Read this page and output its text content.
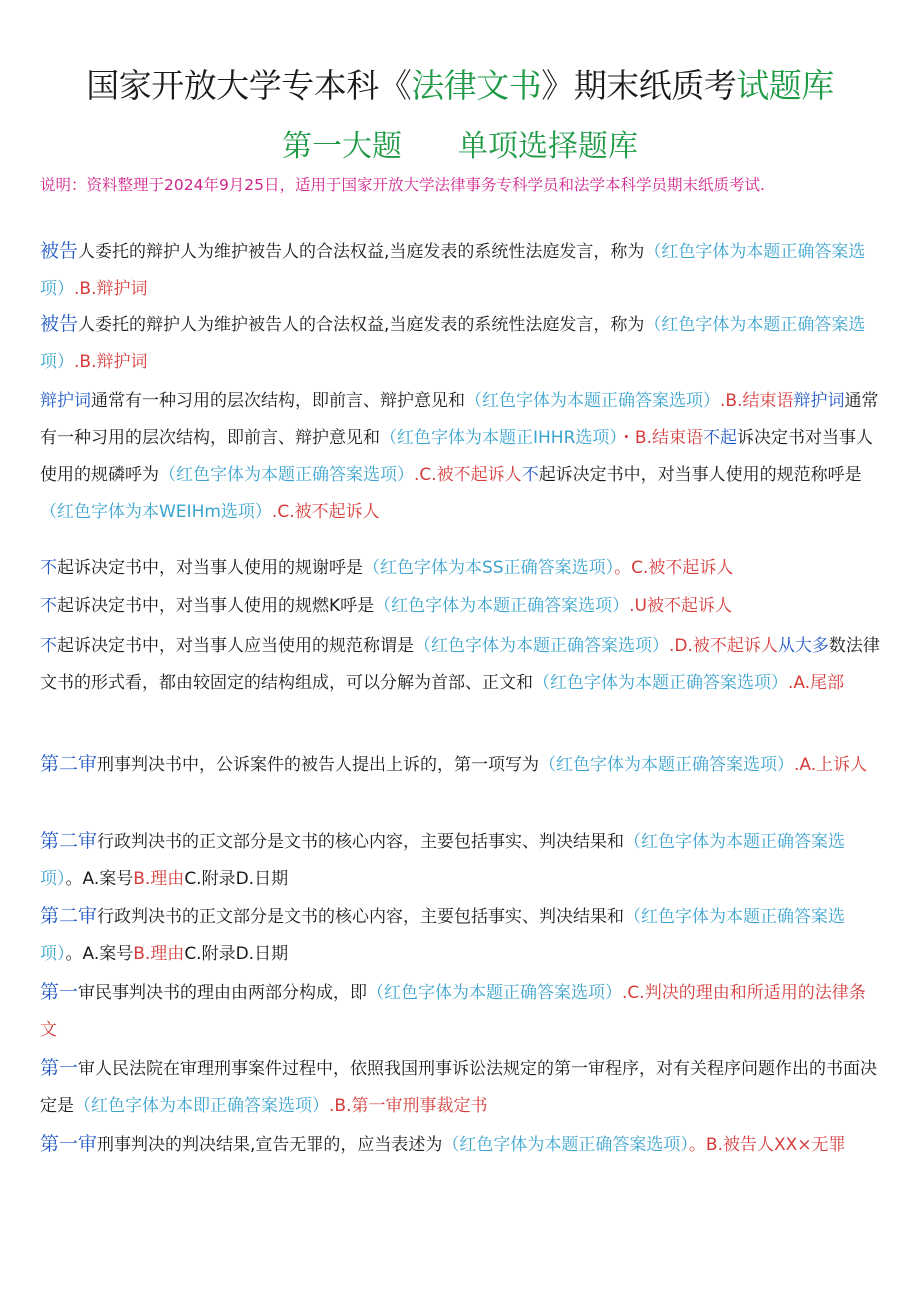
国家开放大学专本科《法律文书》期末纸质考试题库
第一大题 单项选择题库
说明：资料整理于2024年9月25日，适用于国家开放大学法律事务专科学员和法学本科学员期末纸质考试.
被告人委托的辩护人为维护被告人的合法权益,当庭发表的系统性法庭发言，称为（红色字体为本题正确答案选项）.B.辩护词
被告人委托的辩护人为维护被告人的合法权益,当庭发表的系统性法庭发言，称为（红色字体为本题正确答案选项）.B.辩护词
辩护词通常有一种习用的层次结构，即前言、辩护意见和（红色字体为本题正确答案选项）.B.结束语辩护词通常有一种习用的层次结构，即前言、辩护意见和（红色字体为本题正IHHR选项）・B.结束语不起诉决定书对当事人使用的规磷呼为（红色字体为本题正确答案选项）.C.被不起诉人不起诉决定书中，对当事人使用的规范称呼是（红色字体为本WEIHm选项）.C.被不起诉人
不起诉决定书中，对当事人使用的规谢呼是（红色字体为本SS正确答案选项）。C.被不起诉人
不起诉决定书中，对当事人使用的规燃K呼是（红色字体为本题正确答案选项）.U被不起诉人
不起诉决定书中，对当事人应当使用的规范称谓是（红色字体为本题正确答案选项）.D.被不起诉人从大多数法律文书的形式看，都由较固定的结构组成，可以分解为首部、正文和（红色字体为本题正确答案选项）.A.尾部
第二审刑事判决书中，公诉案件的被告人提出上诉的，第一项写为（红色字体为本题正确答案选项）.A.上诉人
第二审行政判决书的正文部分是文书的核心内容，主要包括事实、判决结果和（红色字体为本题正确答案选项）。A.案号B.理由C.附录D.日期
第二审行政判决书的正文部分是文书的核心内容，主要包括事实、判决结果和（红色字体为本题正确答案选项）。A.案号B.理由C.附录D.日期
第一审民事判决书的理由由两部分构成，即（红色字体为本题正确答案选项）.C.判决的理由和所适用的法律条文
第一审人民法院在审理刑事案件过程中，依照我国刑事诉讼法规定的第一审程序，对有关程序问题作出的书面决定是（红色字体为本即正确答案选项）.B.第一审刑事裁定书
第一审刑事判决的判决结果,宣告无罪的，应当表述为（红色字体为本题正确答案选项）。B.被告人XX×无罪
